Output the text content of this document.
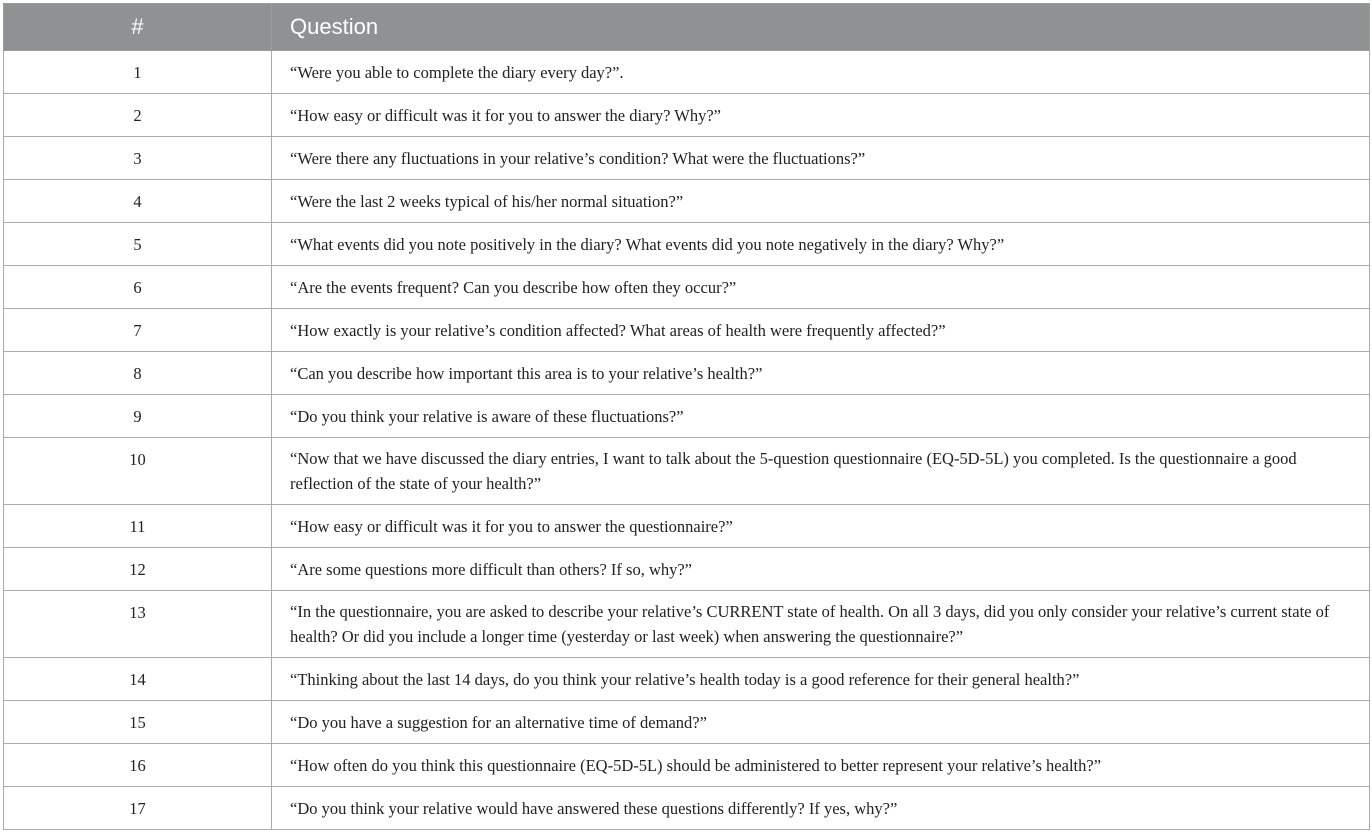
#	Question
1	“Were you able to complete the diary every day?”.
2	“How easy or difficult was it for you to answer the diary? Why?”
3	“Were there any fluctuations in your relative’s condition? What were the fluctuations?”
4	“Were the last 2 weeks typical of his/her normal situation?”
5	“What events did you note positively in the diary? What events did you note negatively in the diary? Why?”
6	“Are the events frequent? Can you describe how often they occur?”
7	“How exactly is your relative’s condition affected? What areas of health were frequently affected?”
8	“Can you describe how important this area is to your relative’s health?”
9	“Do you think your relative is aware of these fluctuations?”
10	“Now that we have discussed the diary entries, I want to talk about the 5-question questionnaire (EQ-5D-5L) you completed. Is the questionnaire a good reflection of the state of your health?”
11	“How easy or difficult was it for you to answer the questionnaire?”
12	“Are some questions more difficult than others? If so, why?”
13	“In the questionnaire, you are asked to describe your relative’s CURRENT state of health. On all 3 days, did you only consider your relative’s current state of health? Or did you include a longer time (yesterday or last week) when answering the questionnaire?”
14	“Thinking about the last 14 days, do you think your relative’s health today is a good reference for their general health?”
15	“Do you have a suggestion for an alternative time of demand?”
16	“How often do you think this questionnaire (EQ-5D-5L) should be administered to better represent your relative’s health?”
17	“Do you think your relative would have answered these questions differently? If yes, why?”
